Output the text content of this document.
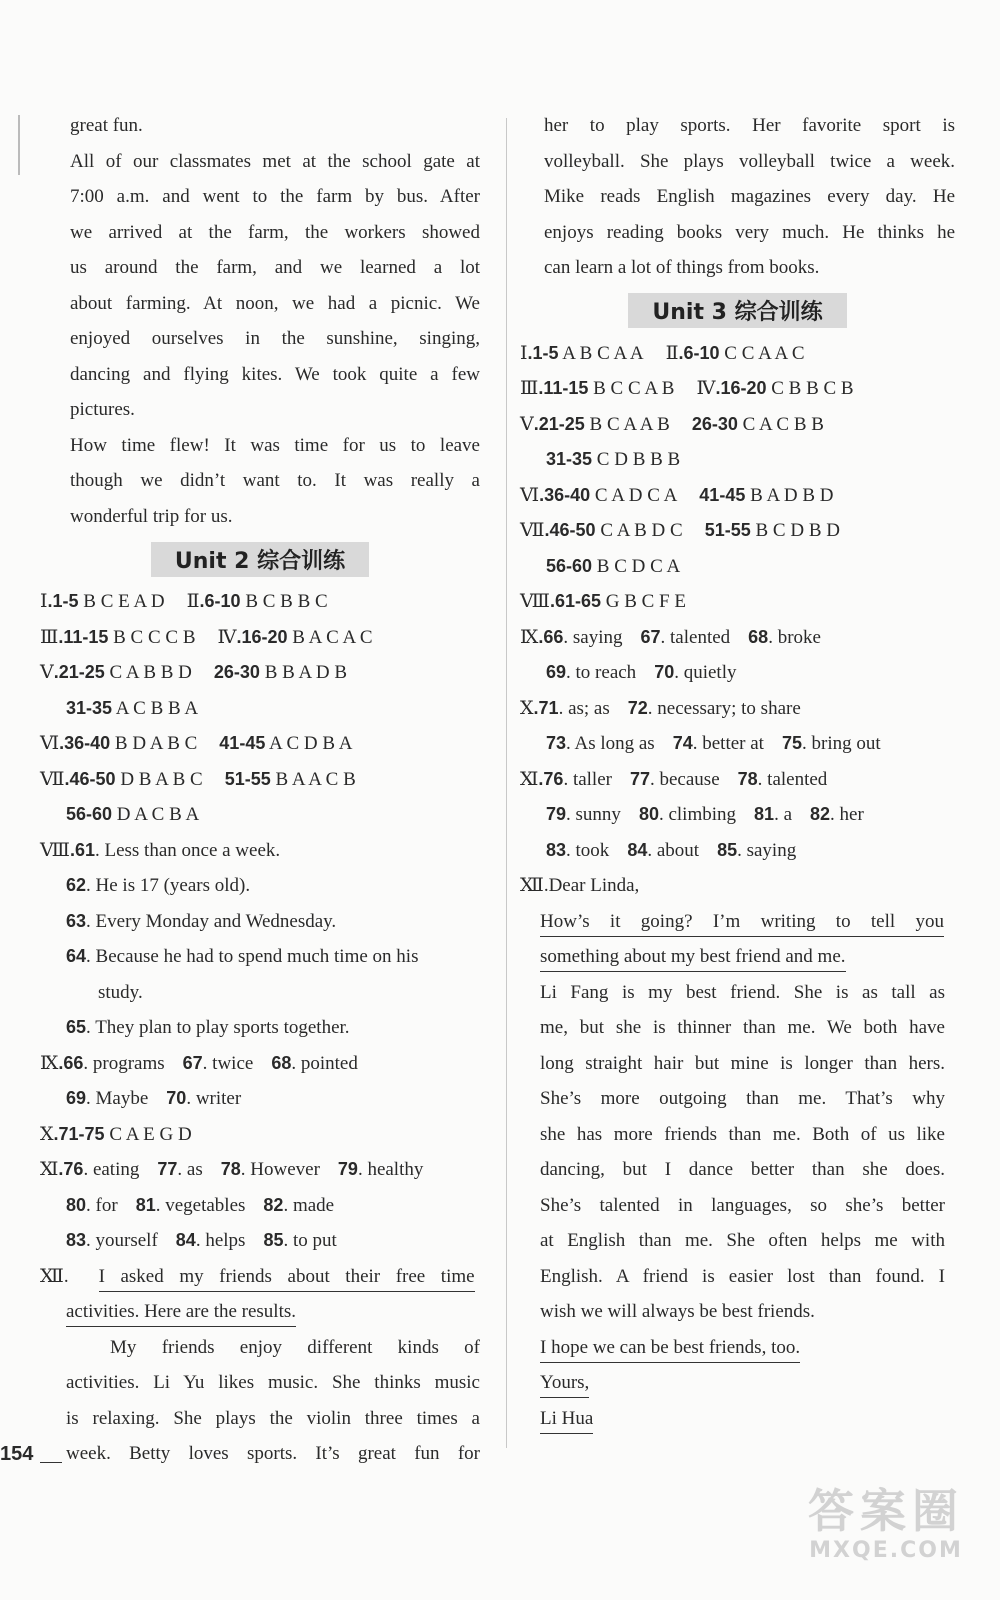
great fun.
All of our classmates met at the school gate at
7:00 a.m. and went to the farm by bus. After
we arrived at the farm, the workers showed
us around the farm, and we learned a lot
about farming. At noon, we had a picnic. We
enjoyed ourselves in the sunshine, singing,
dancing and flying kites. We took quite a few
pictures.
How time flew! It was time for us to leave
though we didn’t want to. It was really a
wonderful trip for us.
Unit 2 综合训练
Ⅰ.1-5 B C E A D Ⅱ.6-10 B C B B C
Ⅲ.11-15 B C C C B Ⅳ.16-20 B A C A C
Ⅴ.21-25 C A B B D 26-30 B B A D B
31-35 A C B B A
Ⅵ.36-40 B D A B C 41-45 A C D B A
Ⅶ.46-50 D B A B C 51-55 B A A C B
56-60 D A C B A
Ⅷ.61. Less than once a week.
62. He is 17 (years old).
63. Every Monday and Wednesday.
64. Because he had to spend much time on his
study.
65. They plan to play sports together.
Ⅸ.66. programs 67. twice 68. pointed
69. Maybe 70. writer
Ⅹ.71-75 C A E G D
Ⅺ.76. eating 77. as 78. However 79. healthy
80. for 81. vegetables 82. made
83. yourself 84. helps 85. to put
Ⅻ. I asked my friends about their free time
activities. Here are the results.
My friends enjoy different kinds of
activities. Li Yu likes music. She thinks music
is relaxing. She plays the violin three times a
week. Betty loves sports. It’s great fun for
her to play sports. Her favorite sport is
volleyball. She plays volleyball twice a week.
Mike reads English magazines every day. He
enjoys reading books very much. He thinks he
can learn a lot of things from books.
Unit 3 综合训练
Ⅰ.1-5 A B C A A Ⅱ.6-10 C C A A C
Ⅲ.11-15 B C C A B Ⅳ.16-20 C B B C B
Ⅴ.21-25 B C A A B 26-30 C A C B B
31-35 C D B B B
Ⅵ.36-40 C A D C A 41-45 B A D B D
Ⅶ.46-50 C A B D C 51-55 B C D B D
56-60 B C D C A
Ⅷ.61-65 G B C F E
Ⅸ.66. saying 67. talented 68. broke
69. to reach 70. quietly
Ⅹ.71. as; as 72. necessary; to share
73. As long as 74. better at 75. bring out
Ⅺ.76. taller 77. because 78. talented
79. sunny 80. climbing 81. a 82. her
83. took 84. about 85. saying
Ⅻ.Dear Linda,
How’s it going? I’m writing to tell you
something about my best friend and me.
Li Fang is my best friend. She is as tall as
me, but she is thinner than me. We both have
long straight hair but mine is longer than hers.
She’s more outgoing than me. That’s why
she has more friends than me. Both of us like
dancing, but I dance better than she does.
She’s talented in languages, so she’s better
at English than me. She often helps me with
English. A friend is easier lost than found. I
wish we will always be best friends.
I hope we can be best friends, too.
Yours,
Li Hua
154
答案圈
MXQE.COM
